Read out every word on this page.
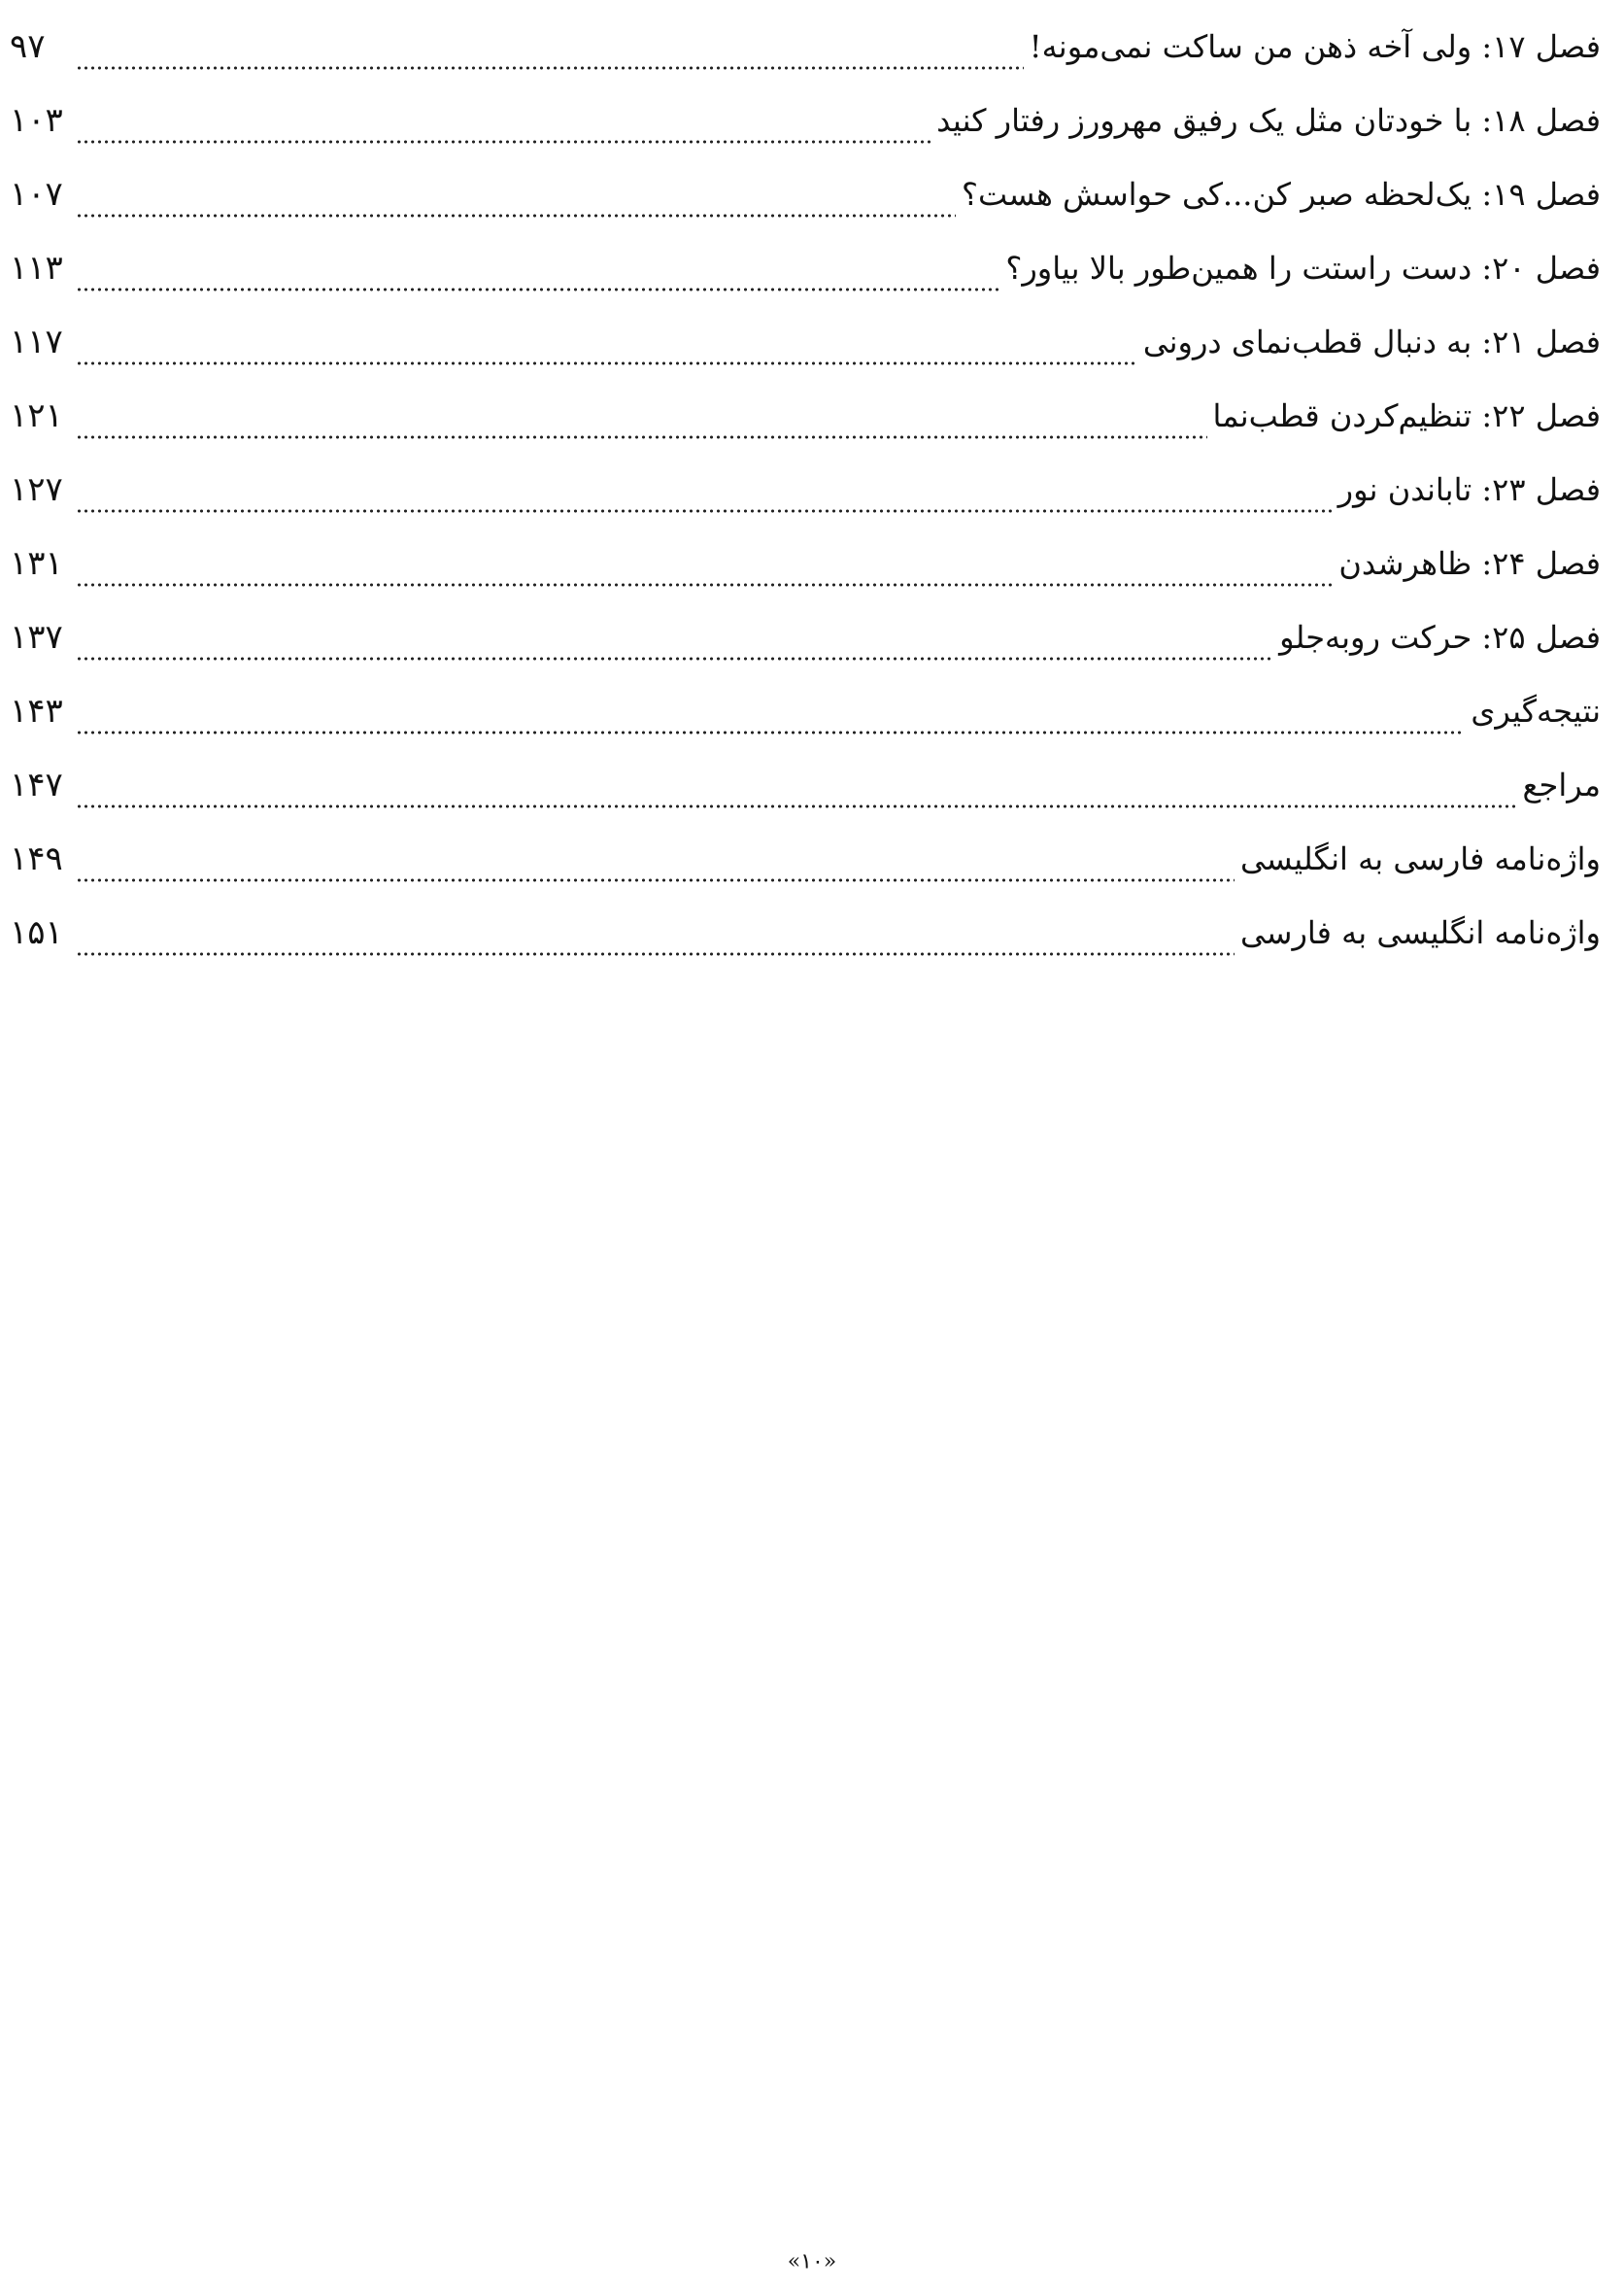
فصل ۱۷: ولی آخه ذهن من ساکت نمی‌مونه!
۹۷
فصل ۱۸: با خودتان مثل یک رفیق مهرورز رفتار کنید
۱۰۳
فصل ۱۹: یک‌لحظه صبر کن...کی حواسش هست؟
۱۰۷
فصل ۲۰: دست راستت را همین‌طور بالا بیاور؟
۱۱۳
فصل ۲۱: به دنبال قطب‌نمای درونی
۱۱۷
فصل ۲۲: تنظیم‌کردن قطب‌نما
۱۲۱
فصل ۲۳: تاباندن نور
۱۲۷
فصل ۲۴: ظاهرشدن
۱۳۱
فصل ۲۵: حرکت روبه‌جلو
۱۳۷
نتیجه‌گیری
۱۴۳
مراجع
۱۴۷
واژه‌نامه فارسی به انگلیسی
۱۴۹
واژه‌نامه انگلیسی به فارسی
۱۵۱
«۱۰»
